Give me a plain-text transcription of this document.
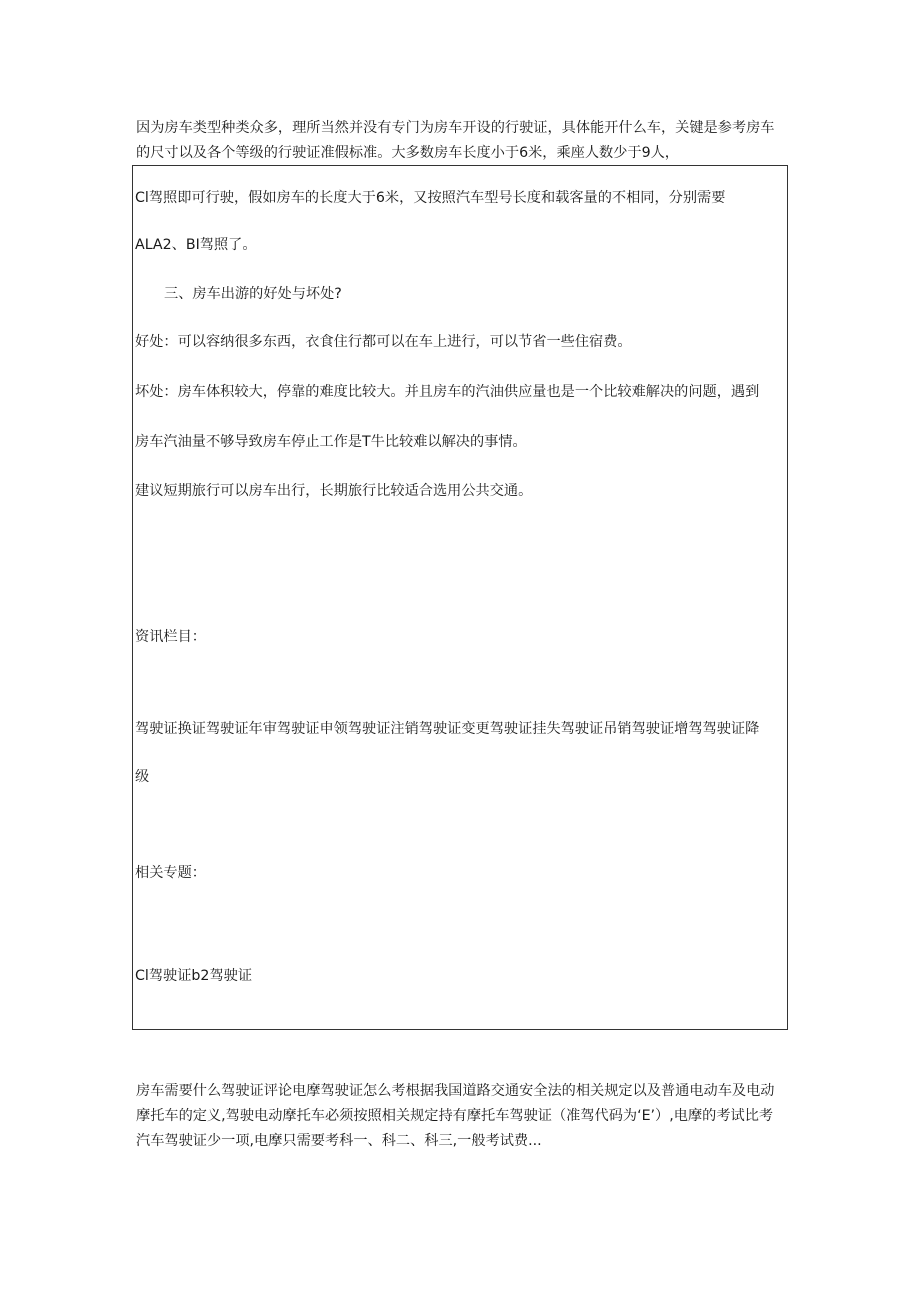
因为房车类型种类众多，理所当然并没有专门为房车开设的行驶证，具体能开什么车，关键是参考房车的尺寸以及各个等级的行驶证准假标准。大多数房车长度小于6米，乘座人数少于9人，

Cl驾照即可行驶，假如房车的长度大于6米，又按照汽车型号长度和载客量的不相同，分别需要

ALA2、BI驾照了。

三、房车出游的好处与坏处?

好处：可以容纳很多东西，衣食住行都可以在车上进行，可以节省一些住宿费。

坏处：房车体积较大，停靠的难度比较大。并且房车的汽油供应量也是一个比较难解决的问题，遇到

房车汽油量不够导致房车停止工作是T牛比较难以解决的事情。

建议短期旅行可以房车出行，长期旅行比较适合选用公共交通。

资讯栏目：

驾驶证换证驾驶证年审驾驶证申领驾驶证注销驾驶证变更驾驶证挂失驾驶证吊销驾驶证增驾驾驶证降

级

相关专题：

Cl驾驶证b2驾驶证

房车需要什么驾驶证评论电摩驾驶证怎么考根据我国道路交通安全法的相关规定以及普通电动车及电动摩托车的定义,驾驶电动摩托车必须按照相关规定持有摩托车驾驶证（准驾代码为‘E’）,电摩的考试比考汽车驾驶证少一项,电摩只需要考科一、科二、科三,一般考试费...
